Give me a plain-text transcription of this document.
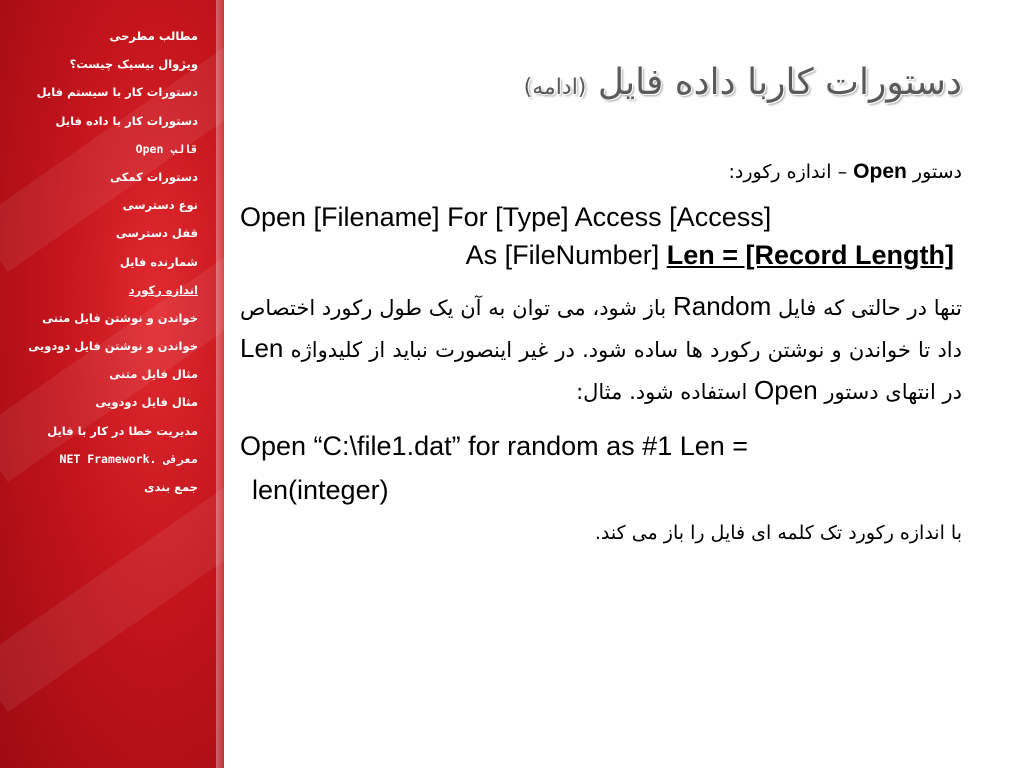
مطالب مطرحی
ویژوال بیسیک چیست؟
دستورات کار با سیستم فایل
دستورات کار با داده فایل
قالب Open
دستورات کمکی
نوع دسترسی
قفل دسترسی
شمارنده فایل
اندازه رکورد
خواندن و نوشتن فایل متنی
خواندن و نوشتن فایل دودویی
مثال فایل متنی
مثال فایل دودویی
مدیریت خطا در کار با فایل
معرفی .NET Framework
جمع بندی
دستورات کاربا داده فایل (ادامه)

دستور Open – اندازه رکورد:

Open [Filename] For [Type] Access [Access]
As [FileNumber] Len = [Record Length]

تنها در حالتی که فایل Random باز شود، می توان به آن یک طول رکورد اختصاص داد تا خواندن و نوشتن رکورد ها ساده شود. در غیر اینصورت نباید از کلیدواژه Len در انتهای دستور Open استفاده شود. مثال:

Open “C:\file1.dat” for random as #1 Len =
len(integer)

با اندازه رکورد تک کلمه ای فایل را باز می کند.
